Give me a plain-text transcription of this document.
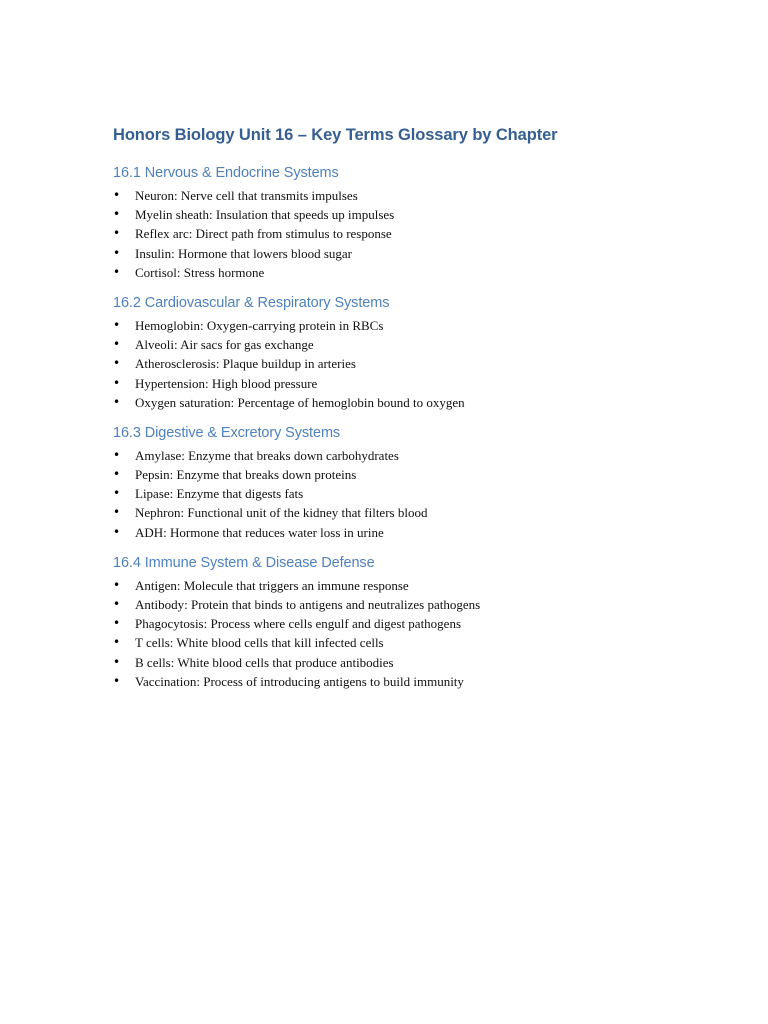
Honors Biology Unit 16 – Key Terms Glossary by Chapter
16.1 Nervous & Endocrine Systems
• Neuron: Nerve cell that transmits impulses
• Myelin sheath: Insulation that speeds up impulses
• Reflex arc: Direct path from stimulus to response
• Insulin: Hormone that lowers blood sugar
• Cortisol: Stress hormone
16.2 Cardiovascular & Respiratory Systems
• Hemoglobin: Oxygen-carrying protein in RBCs
• Alveoli: Air sacs for gas exchange
• Atherosclerosis: Plaque buildup in arteries
• Hypertension: High blood pressure
• Oxygen saturation: Percentage of hemoglobin bound to oxygen
16.3 Digestive & Excretory Systems
• Amylase: Enzyme that breaks down carbohydrates
• Pepsin: Enzyme that breaks down proteins
• Lipase: Enzyme that digests fats
• Nephron: Functional unit of the kidney that filters blood
• ADH: Hormone that reduces water loss in urine
16.4 Immune System & Disease Defense
• Antigen: Molecule that triggers an immune response
• Antibody: Protein that binds to antigens and neutralizes pathogens
• Phagocytosis: Process where cells engulf and digest pathogens
• T cells: White blood cells that kill infected cells
• B cells: White blood cells that produce antibodies
• Vaccination: Process of introducing antigens to build immunity
